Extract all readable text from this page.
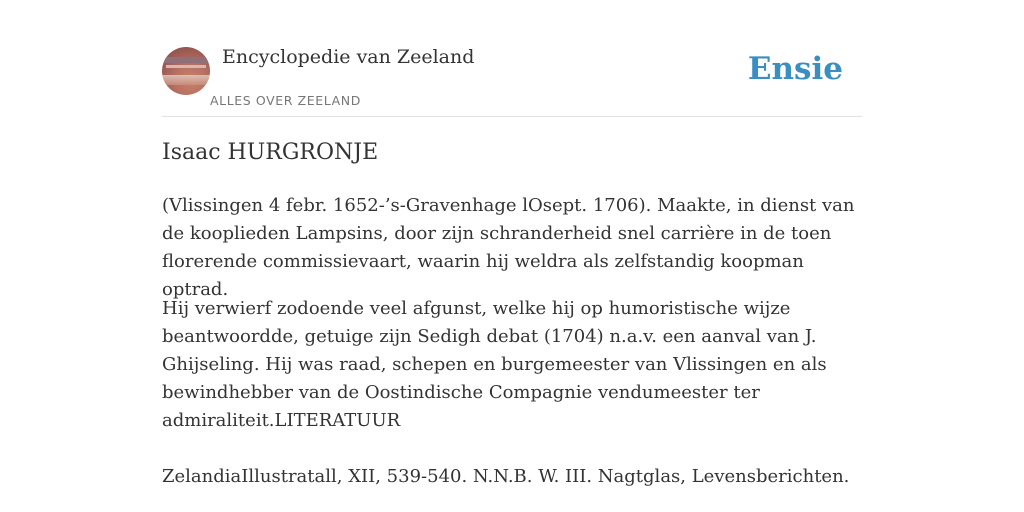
Encyclopedie van Zeeland
ALLES OVER ZEELAND
Ensie
Isaac HURGRONJE

(Vlissingen 4 febr. 1652-’s-Gravenhage lOsept. 1706). Maakte, in dienst van de kooplieden Lampsins, door zijn schranderheid snel carrière in de toen florerende commissievaart, waarin hij weldra als zelfstandig koopman optrad.

Hij verwierf zodoende veel afgunst, welke hij op humoristische wijze beantwoordde, getuige zijn Sedigh debat (1704) n.a.v. een aanval van J. Ghijseling. Hij was raad, schepen en burgemeester van Vlissingen en als bewindhebber van de Oostindische Compagnie vendumeester ter admiraliteit.LITERATUUR

ZelandiaIllustratall, XII, 539-540. N.N.B. W. III. Nagtglas, Levensberichten.
